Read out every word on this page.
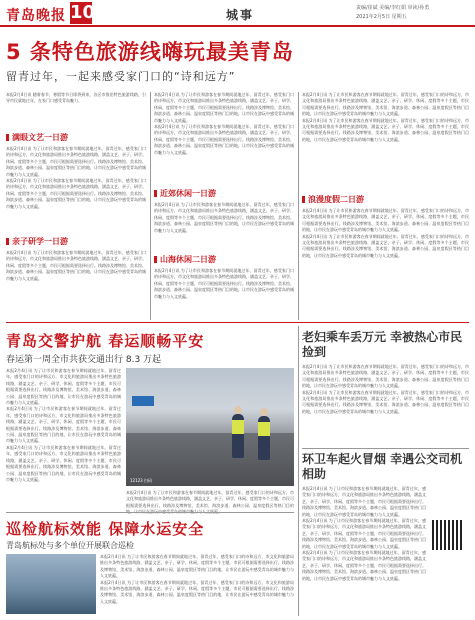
青岛晚报 10	城事	责编/崔斌 美编/李红娟 审读/孙勇
2021年2月5日 星期五
5 条特色旅游线嗨玩最美青岛
留青过年，一起来感受家门口的“诗和远方”
本报2月4日讯 随着春节、寒假等节日即将到来，各区市推出特色旅游线路，引导市民就地过年，在家门口感受青岛魅力。
满眼文艺一日游
本报2月4日讯 为了让市民和游客在春节期间就地过年、留青过年，感受家门口的诗和远方，市文化和旅游局推出多条特色旅游线路，涵盖文艺、亲子、研学、休闲、度假等多个主题，市民可根据需要选择出行。线路涉及博物馆、美术馆、海滨步道、森林公园、温泉度假区等热门目的地，让市民在游玩中感受青岛的城市魅力与人文底蕴。
本报2月4日讯 为了让市民和游客在春节期间就地过年、留青过年，感受家门口的诗和远方，市文化和旅游局推出多条特色旅游线路，涵盖文艺、亲子、研学、休闲、度假等多个主题，市民可根据需要选择出行。线路涉及博物馆、美术馆、海滨步道、森林公园、温泉度假区等热门目的地，让市民在游玩中感受青岛的城市魅力与人文底蕴。
亲子研学一日游
本报2月4日讯 为了让市民和游客在春节期间就地过年、留青过年，感受家门口的诗和远方，市文化和旅游局推出多条特色旅游线路，涵盖文艺、亲子、研学、休闲、度假等多个主题，市民可根据需要选择出行。线路涉及博物馆、美术馆、海滨步道、森林公园、温泉度假区等热门目的地，让市民在游玩中感受青岛的城市魅力与人文底蕴。
本报2月4日讯 为了让市民和游客在春节期间就地过年、留青过年，感受家门口的诗和远方，市文化和旅游局推出多条特色旅游线路，涵盖文艺、亲子、研学、休闲、度假等多个主题，市民可根据需要选择出行。线路涉及博物馆、美术馆、海滨步道、森林公园、温泉度假区等热门目的地，让市民在游玩中感受青岛的城市魅力与人文底蕴。
本报2月4日讯 为了让市民和游客在春节期间就地过年、留青过年，感受家门口的诗和远方，市文化和旅游局推出多条特色旅游线路，涵盖文艺、亲子、研学、休闲、度假等多个主题，市民可根据需要选择出行。线路涉及博物馆、美术馆、海滨步道、森林公园、温泉度假区等热门目的地，让市民在游玩中感受青岛的城市魅力与人文底蕴。
近郊休闲一日游
本报2月4日讯 为了让市民和游客在春节期间就地过年、留青过年，感受家门口的诗和远方，市文化和旅游局推出多条特色旅游线路，涵盖文艺、亲子、研学、休闲、度假等多个主题，市民可根据需要选择出行。线路涉及博物馆、美术馆、海滨步道、森林公园、温泉度假区等热门目的地，让市民在游玩中感受青岛的城市魅力与人文底蕴。
山海休闲二日游
本报2月4日讯 为了让市民和游客在春节期间就地过年、留青过年，感受家门口的诗和远方，市文化和旅游局推出多条特色旅游线路，涵盖文艺、亲子、研学、休闲、度假等多个主题，市民可根据需要选择出行。线路涉及博物馆、美术馆、海滨步道、森林公园、温泉度假区等热门目的地，让市民在游玩中感受青岛的城市魅力与人文底蕴。
本报2月4日讯 为了让市民和游客在春节期间就地过年、留青过年，感受家门口的诗和远方，市文化和旅游局推出多条特色旅游线路，涵盖文艺、亲子、研学、休闲、度假等多个主题，市民可根据需要选择出行。线路涉及博物馆、美术馆、海滨步道、森林公园、温泉度假区等热门目的地，让市民在游玩中感受青岛的城市魅力与人文底蕴。
本报2月4日讯 为了让市民和游客在春节期间就地过年、留青过年，感受家门口的诗和远方，市文化和旅游局推出多条特色旅游线路，涵盖文艺、亲子、研学、休闲、度假等多个主题，市民可根据需要选择出行。线路涉及博物馆、美术馆、海滨步道、森林公园、温泉度假区等热门目的地，让市民在游玩中感受青岛的城市魅力与人文底蕴。
浪漫度假二日游
本报2月4日讯 为了让市民和游客在春节期间就地过年、留青过年，感受家门口的诗和远方，市文化和旅游局推出多条特色旅游线路，涵盖文艺、亲子、研学、休闲、度假等多个主题，市民可根据需要选择出行。线路涉及博物馆、美术馆、海滨步道、森林公园、温泉度假区等热门目的地，让市民在游玩中感受青岛的城市魅力与人文底蕴。
本报2月4日讯 为了让市民和游客在春节期间就地过年、留青过年，感受家门口的诗和远方，市文化和旅游局推出多条特色旅游线路，涵盖文艺、亲子、研学、休闲、度假等多个主题，市民可根据需要选择出行。线路涉及博物馆、美术馆、海滨步道、森林公园、温泉度假区等热门目的地，让市民在游玩中感受青岛的城市魅力与人文底蕴。
青岛交警护航 春运顺畅平安
春运第一周全市共获交通出行 8.3 万起
本报2月4日讯 为了让市民和游客在春节期间就地过年、留青过年，感受家门口的诗和远方，市文化和旅游局推出多条特色旅游线路，涵盖文艺、亲子、研学、休闲、度假等多个主题，市民可根据需要选择出行。线路涉及博物馆、美术馆、海滨步道、森林公园、温泉度假区等热门目的地，让市民在游玩中感受青岛的城市魅力与人文底蕴。
本报2月4日讯 为了让市民和游客在春节期间就地过年、留青过年，感受家门口的诗和远方，市文化和旅游局推出多条特色旅游线路，涵盖文艺、亲子、研学、休闲、度假等多个主题，市民可根据需要选择出行。线路涉及博物馆、美术馆、海滨步道、森林公园、温泉度假区等热门目的地，让市民在游玩中感受青岛的城市魅力与人文底蕴。
本报2月4日讯 为了让市民和游客在春节期间就地过年、留青过年，感受家门口的诗和远方，市文化和旅游局推出多条特色旅游线路，涵盖文艺、亲子、研学、休闲、度假等多个主题，市民可根据需要选择出行。线路涉及博物馆、美术馆、海滨步道、森林公园、温泉度假区等热门目的地，让市民在游玩中感受青岛的城市魅力与人文底蕴。	12123 扫码
本报2月4日讯 为了让市民和游客在春节期间就地过年、留青过年，感受家门口的诗和远方，市文化和旅游局推出多条特色旅游线路，涵盖文艺、亲子、研学、休闲、度假等多个主题，市民可根据需要选择出行。线路涉及博物馆、美术馆、海滨步道、森林公园、温泉度假区等热门目的
巡检航标效能 保障水运安全
青岛航标处与多个单位开展联合巡检
本报2月4日讯 为了让市民和游客在春节期间就地过年、留青过年，感受家门口的诗和远方，市文化和旅游局推出多条特色旅游线路，涵盖文艺、亲子、研学、休闲、度假等多个主题，市民可根据需要选择出行。线路涉及博物馆、美术馆、海滨步道、森林公园、温泉度假区等热门目的地，让市民在游玩中感受青岛的城市魅力与人文底蕴。
本报2月4日讯 为了让市民和游客在春节期间就地过年、留青过年，感受家门口的诗和远方，市文化和旅游局推出多条特色旅游线路，涵盖文艺、亲子、研学、休闲、度假等多个主题，市民可根据需要选择出行。线路涉及博物馆、美术馆、海滨步道、森林公园、温泉度假区等热门目的地，让市民在游玩中感受青岛的城市魅力与人文底蕴。
老妇乘车丢万元 幸被热心市民捡到
本报2月4日讯 为了让市民和游客在春节期间就地过年、留青过年，感受家门口的诗和远方，市文化和旅游局推出多条特色旅游线路，涵盖文艺、亲子、研学、休闲、度假等多个主题，市民可根据需要选择出行。线路涉及博物馆、美术馆、海滨步道、森林公园、温泉度假区等热门目的地，让市民在游玩中感受青岛的城市魅力与人文底蕴。
本报2月4日讯 为了让市民和游客在春节期间就地过年、留青过年，感受家门口的诗和远方，市文化和旅游局推出多条特色旅游线路，涵盖文艺、亲子、研学、休闲、度假等多个主题，市民可根据需要选择出行。线路涉及博物馆、美术馆、海滨步道、森林公园、温泉度假区等热门目的地，让市民在游玩中感受青岛的城市魅力与人文底蕴。
环卫车起火冒烟 幸遇公交司机相助
本报2月4日讯 为了让市民和游客在春节期间就地过年、留青过年，感受家门口的诗和远方，市文化和旅游局推出多条特色旅游线路，涵盖文艺、亲子、研学、休闲、度假等多个主题，市民可根据需要选择出行。线路涉及博物馆、美术馆、海滨步道、森林公园、温泉度假区等热门目的地，让市民在游玩中感受青岛的城市魅力与人文底蕴。
本报2月4日讯 为了让市民和游客在春节期间就地过年、留青过年，感受家门口的诗和远方，市文化和旅游局推出多条特色旅游线路，涵盖文艺、亲子、研学、休闲、度假等多个主题，市民可根据需要选择出行。线路涉及博物馆、美术馆、海滨步道、森林公园、温泉度假区等热门目的地，让市民在游玩中感受青岛的城市魅力与人文底蕴。
本报2月4日讯 为了让市民和游客在春节期间就地过年、留青过年，感受家门口的诗和远方，市文化和旅游局推出多条特色旅游线路，涵盖文艺、亲子、研学、休闲、度假等多个主题，市民可根据需要选择出行。线路涉及博物馆、美术馆、海滨步道、森林公园、温泉度假区等热门目的地，让市民在游玩中感受青岛的城市魅力与人文底蕴。
